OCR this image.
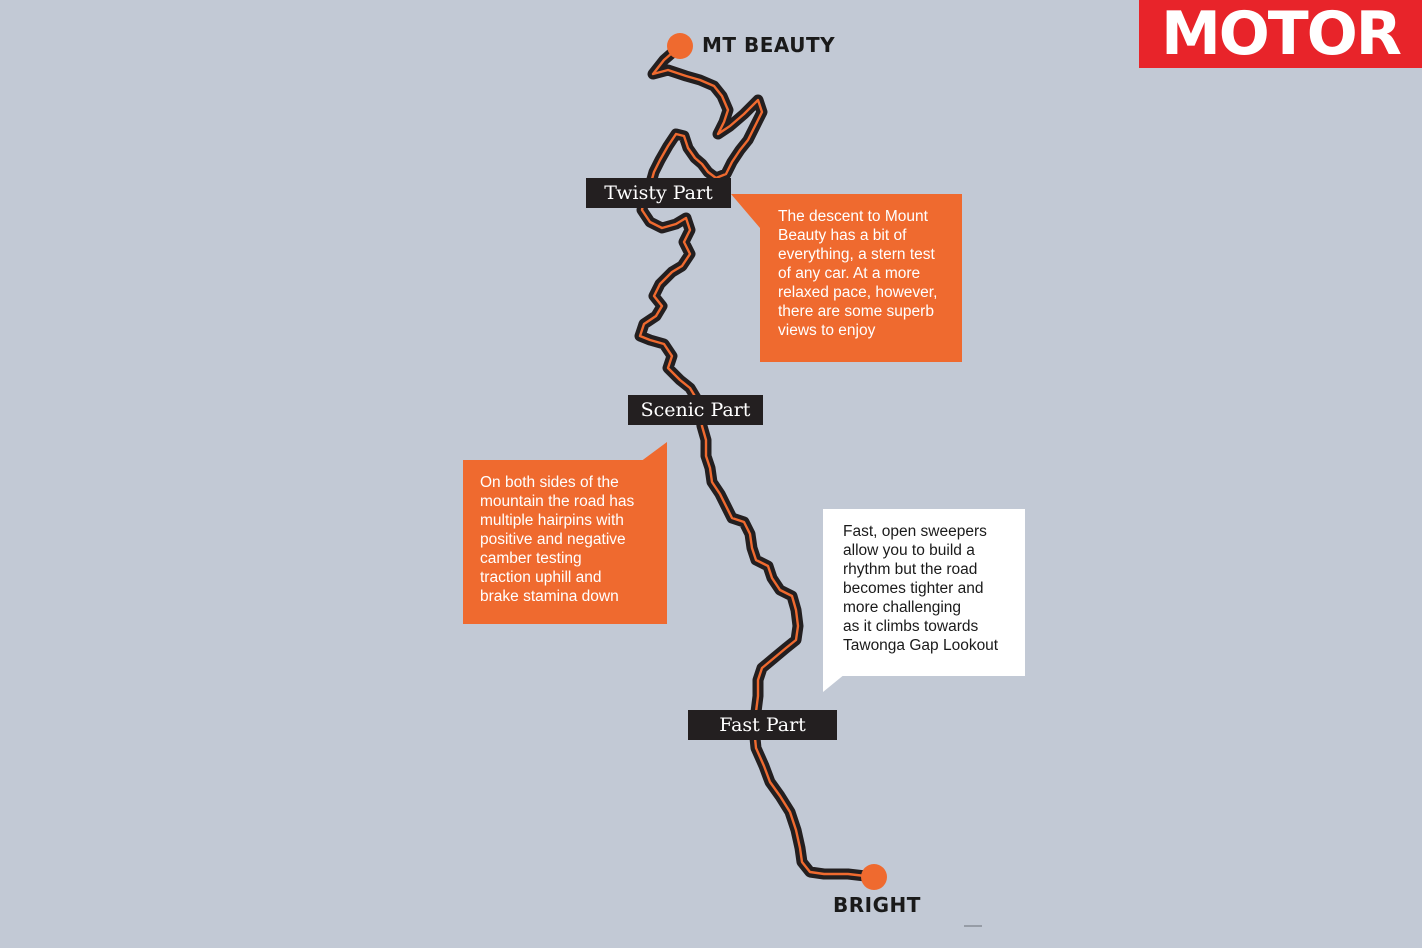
MOTOR
MT BEAUTY
BRIGHT
Twisty Part
Scenic Part
Fast Part
The descent to Mount
Beauty has a bit of
everything, a stern test
of any car. At a more
relaxed pace, however,
there are some superb
views to enjoy
On both sides of the
mountain the road has
multiple hairpins with
positive and negative
camber testing
traction uphill and
brake stamina down
Fast, open sweepers
allow you to build a
rhythm but the road
becomes tighter and
more challenging
as it climbs towards
Tawonga Gap Lookout
